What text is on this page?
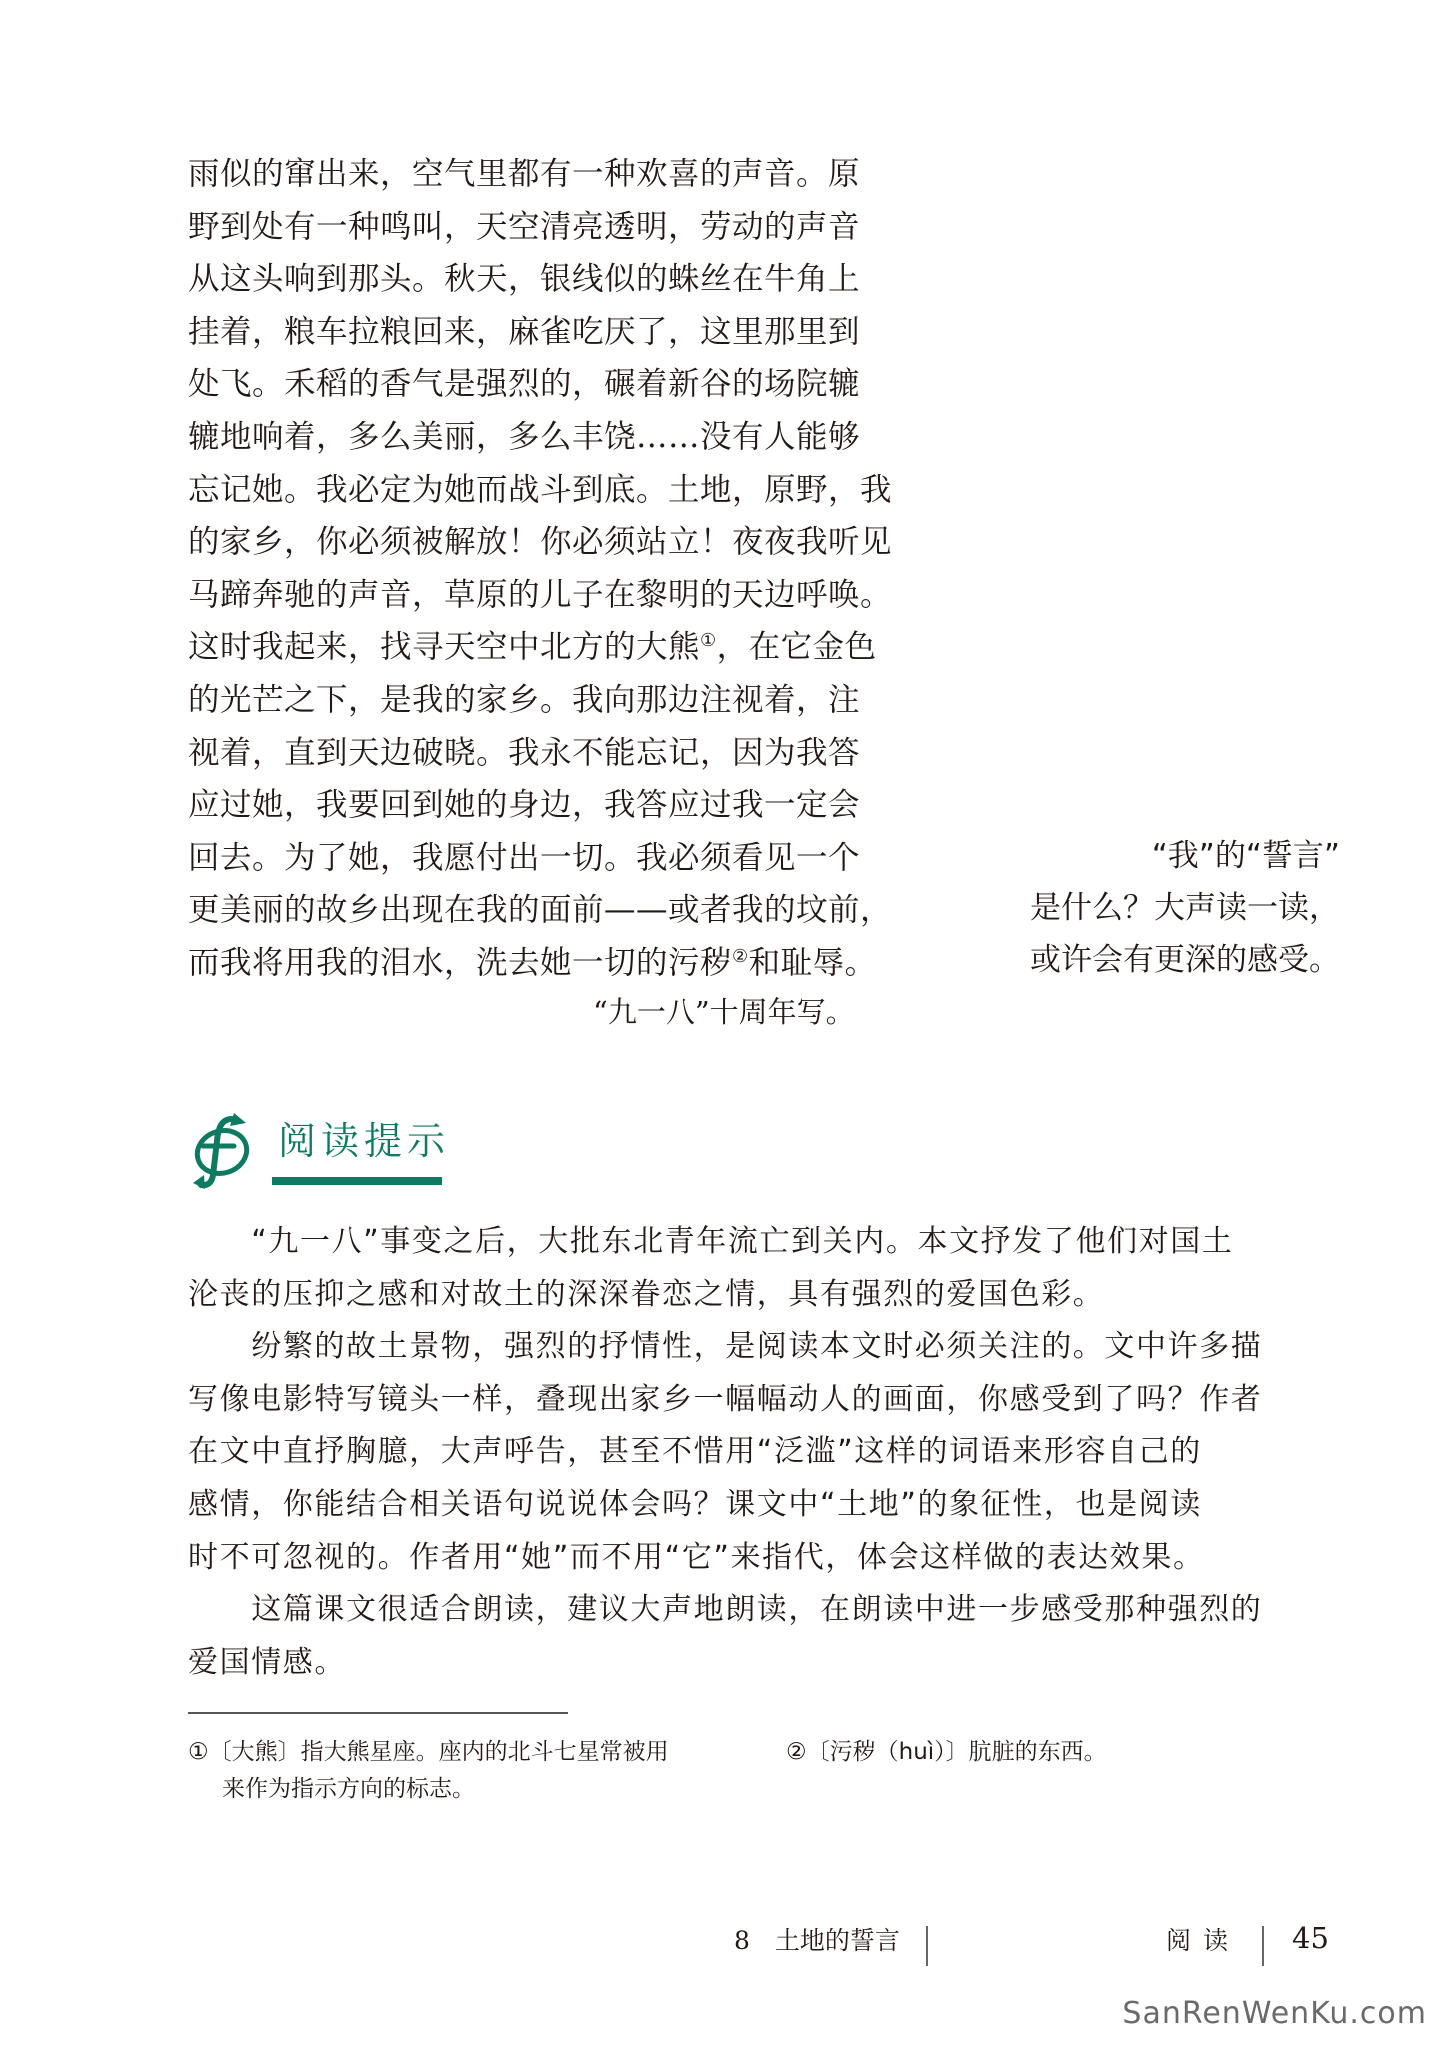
雨似的窜出来，空气里都有一种欢喜的声音。原
野到处有一种鸣叫，天空清亮透明，劳动的声音
从这头响到那头。秋天，银线似的蛛丝在牛角上
挂着，粮车拉粮回来，麻雀吃厌了，这里那里到
处飞。禾稻的香气是强烈的，碾着新谷的场院辘
辘地响着，多么美丽，多么丰饶……没有人能够
忘记她。我必定为她而战斗到底。土地，原野，我
的家乡，你必须被解放！你必须站立！夜夜我听见
马蹄奔驰的声音，草原的儿子在黎明的天边呼唤。
这时我起来，找寻天空中北方的大熊①，在它金色
的光芒之下，是我的家乡。我向那边注视着，注
视着，直到天边破晓。我永不能忘记，因为我答
应过她，我要回到她的身边，我答应过我一定会
回去。为了她，我愿付出一切。我必须看见一个
更美丽的故乡出现在我的面前——或者我的坟前，
而我将用我的泪水，洗去她一切的污秽②和耻辱。
“九一八”十周年写。
“我”的“誓言”
是什么？大声读一读，
或许会有更深的感受。
阅读提示
　　“九一八”事变之后，大批东北青年流亡到关内。本文抒发了他们对国土
沦丧的压抑之感和对故土的深深眷恋之情，具有强烈的爱国色彩。
　　纷繁的故土景物，强烈的抒情性，是阅读本文时必须关注的。文中许多描
写像电影特写镜头一样，叠现出家乡一幅幅动人的画面，你感受到了吗？作者
在文中直抒胸臆，大声呼告，甚至不惜用“泛滥”这样的词语来形容自己的
感情，你能结合相关语句说说体会吗？课文中“土地”的象征性，也是阅读
时不可忽视的。作者用“她”而不用“它”来指代，体会这样做的表达效果。
　　这篇课文很适合朗读，建议大声地朗读，在朗读中进一步感受那种强烈的
爱国情感。
①〔大熊〕指大熊星座。座内的北斗七星常被用
来作为指示方向的标志。
②〔污秽（huì）〕肮脏的东西。
8　土地的誓言	阅读 45
SanRenWenKu.com
